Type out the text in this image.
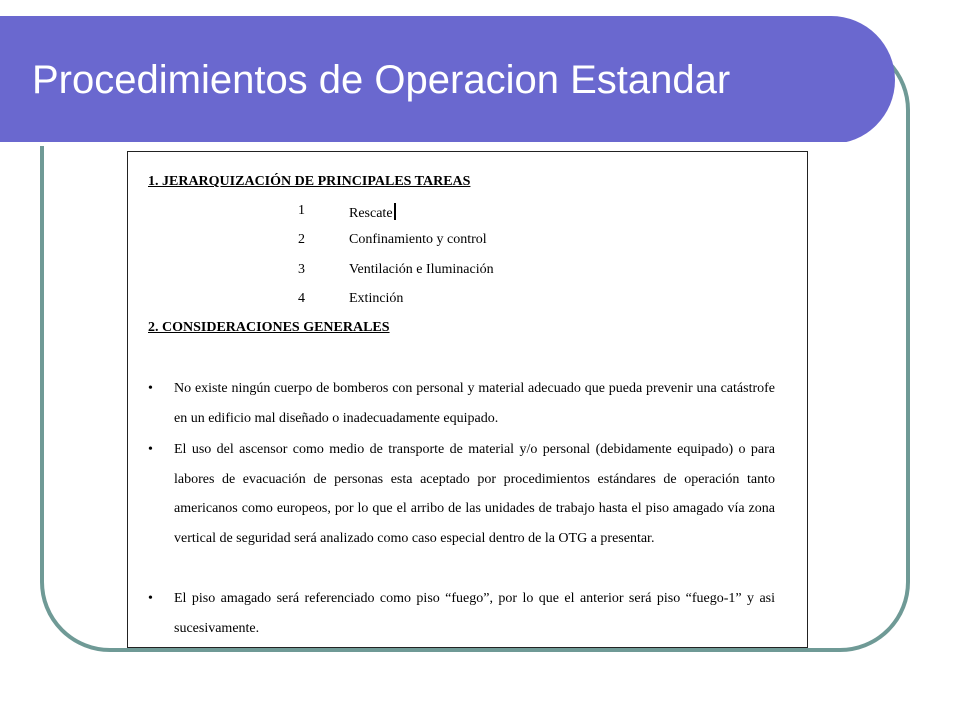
Procedimientos de Operacion Estandar
1. JERARQUIZACIÓN DE PRINCIPALES TAREAS
1	Rescate
2	Confinamiento y control
3	Ventilación e Iluminación
4	Extinción
2. CONSIDERACIONES GENERALES
• No existe ningún cuerpo de bomberos con personal y material adecuado que pueda prevenir una catástrofe en un edificio mal diseñado o inadecuadamente equipado.
• El uso del ascensor como medio de transporte de material y/o personal (debidamente equipado) o para labores de evacuación de personas esta aceptado por procedimientos estándares de operación tanto americanos como europeos, por lo que el arribo de las unidades de trabajo hasta el piso amagado vía zona vertical de seguridad será analizado como caso especial dentro de la OTG a presentar.
• El piso amagado será referenciado como piso “fuego”, por lo que el anterior será piso “fuego-1” y asi sucesivamente.
